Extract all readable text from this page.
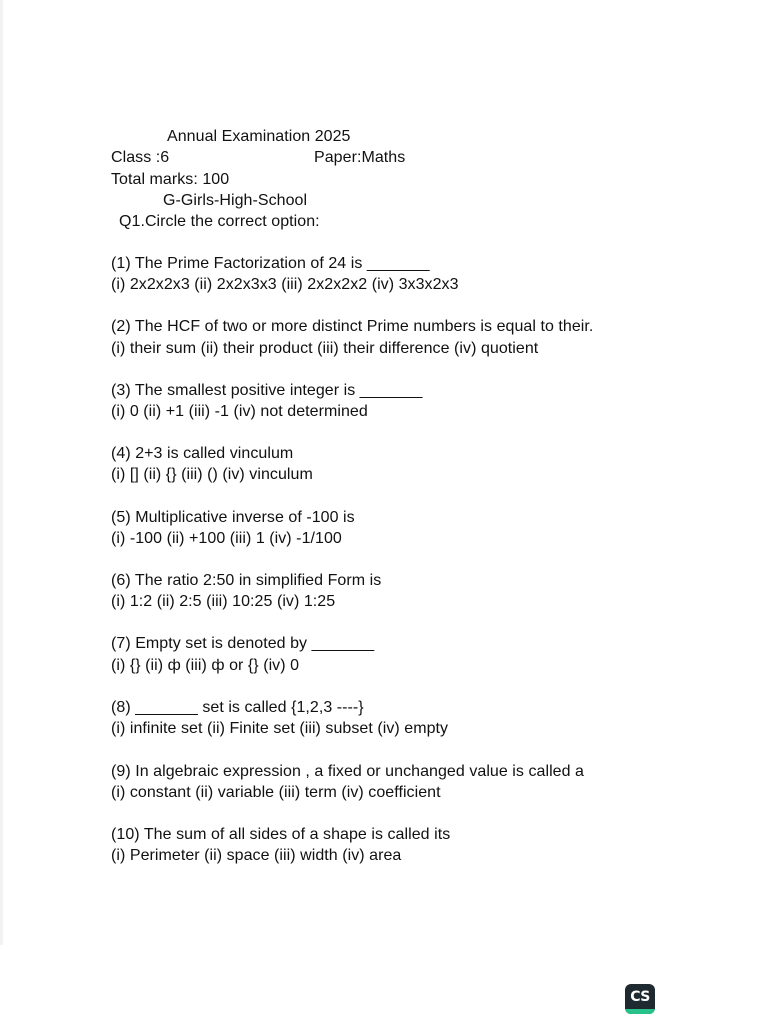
Annual Examination 2025
Class :6	Paper:Maths
Total marks: 100
G-Girls-High-School
Q1.Circle the correct option:
(1) The Prime Factorization of 24 is _______
(i) 2x2x2x3 (ii) 2x2x3x3 (iii) 2x2x2x2 (iv) 3x3x2x3
(2) The HCF of two or more distinct Prime numbers is equal to their.
(i) their sum (ii) their product (iii) their difference (iv) quotient
(3) The smallest positive integer is _______
(i) 0 (ii) +1 (iii) -1 (iv) not determined
(4) 2+3 is called vinculum
(i) [] (ii) {} (iii) () (iv) vinculum
(5) Multiplicative inverse of -100 is
(i) -100 (ii) +100 (iii) 1 (iv) -1/100
(6) The ratio 2:50 in simplified Form is
(i) 1:2 (ii) 2:5 (iii) 10:25 (iv) 1:25
(7) Empty set is denoted by _______
(i) {} (ii) ф (iii) ф or {} (iv) 0
(8) _______ set is called {1,2,3 ----}
(i) infinite set (ii) Finite set (iii) subset (iv) empty
(9) In algebraic expression , a fixed or unchanged value is called a
(i) constant (ii) variable (iii) term (iv) coefficient
(10) The sum of all sides of a shape is called its
(i) Perimeter (ii) space (iii) width (iv) area
CS
